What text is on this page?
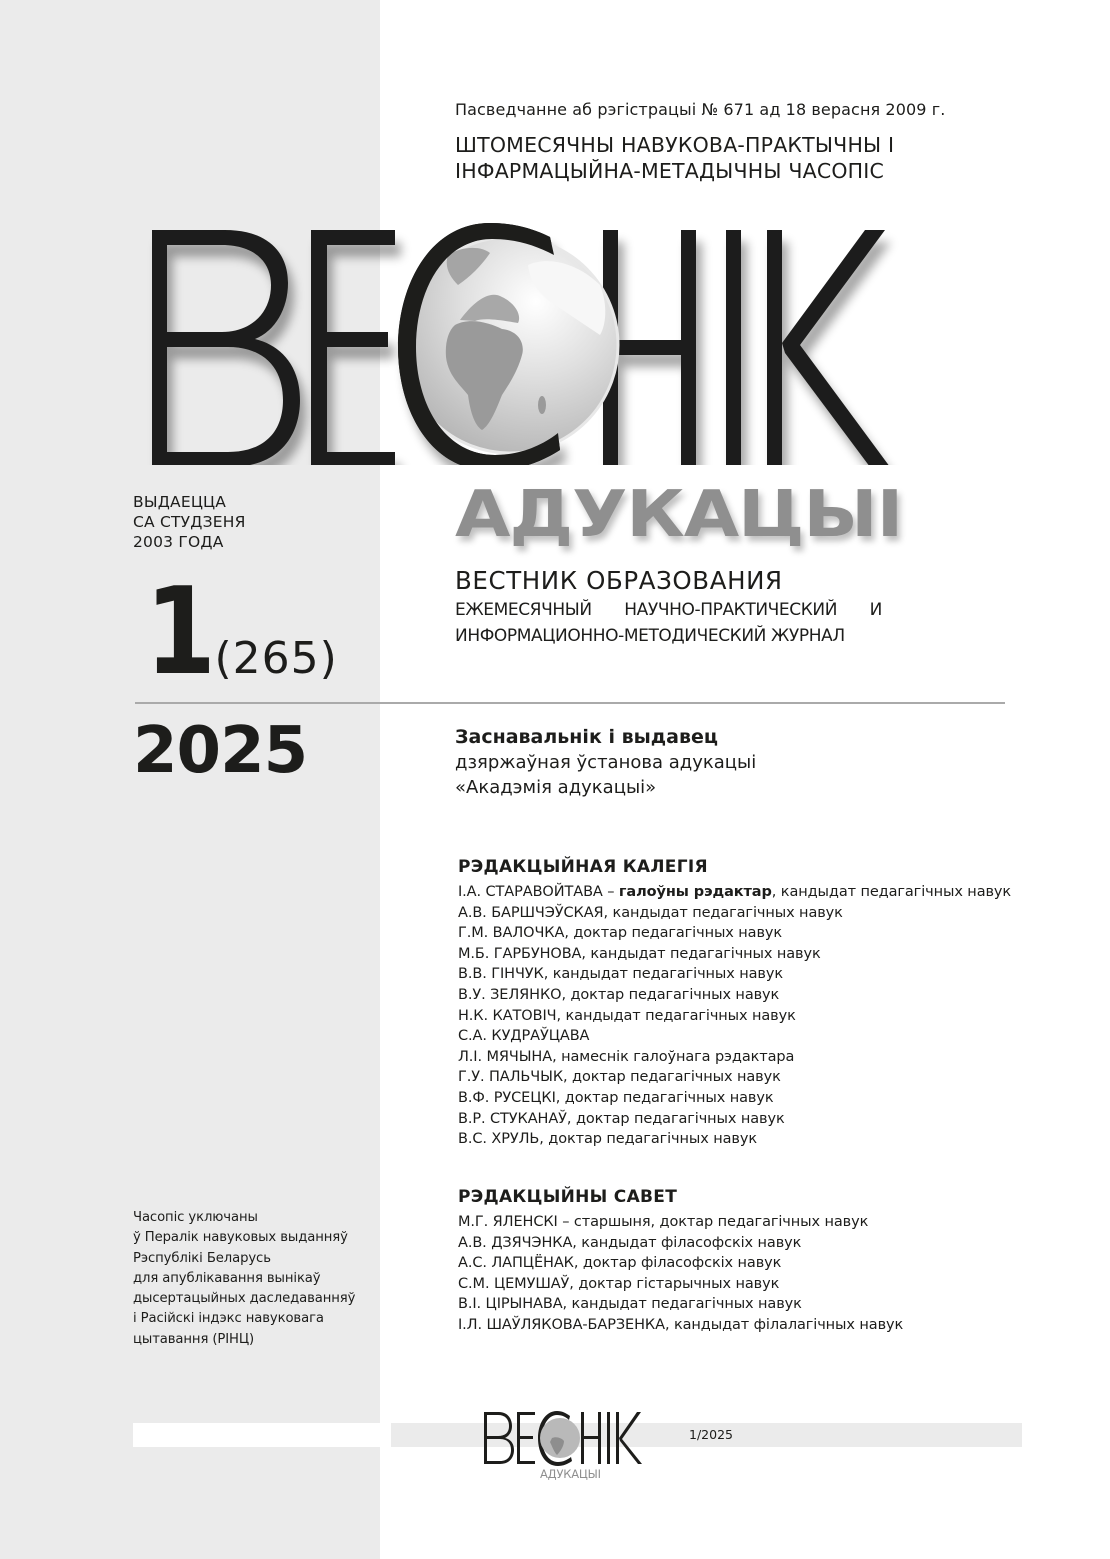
Пасведчанне аб рэгістрацыі № 671 ад 18 верасня 2009 г.
ШТОМЕСЯЧНЫ НАВУКОВА-ПРАКТЫЧНЫ І
ІНФАРМАЦЫЙНА-МЕТАДЫЧНЫ ЧАСОПІС
АДУКАЦЫІ
ВЕСТНИК ОБРАЗОВАНИЯ
ЕЖЕМЕСЯЧНЫЙ НАУЧНО-ПРАКТИЧЕСКИЙ И
ИНФОРМАЦИОННО-МЕТОДИЧЕСКИЙ ЖУРНАЛ
ВЫДАЕЦЦА
СА СТУДЗЕНЯ
2003 ГОДА
1(265)
2025	Заснавальнік і выдавец
дзяржаўная ўстанова адукацыі
«Акадэмія адукацыі»
РЭДАКЦЫЙНАЯ КАЛЕГІЯ
І.А. СТАРАВОЙТАВА – галоўны рэдактар, кандыдат педагагічных навук
А.В. БАРШЧЭЎСКАЯ, кандыдат педагагічных навук
Г.М. ВАЛОЧКА, доктар педагагічных навук
М.Б. ГАРБУНОВА, кандыдат педагагічных навук
В.В. ГІНЧУК, кандыдат педагагічных навук
В.У. ЗЕЛЯНКО, доктар педагагічных навук
Н.К. КАТОВІЧ, кандыдат педагагічных навук
С.А. КУДРАЎЦАВА
Л.І. МЯЧЫНА, намеснік галоўнага рэдактара
Г.У. ПАЛЬЧЫК, доктар педагагічных навук
В.Ф. РУСЕЦКІ, доктар педагагічных навук
В.Р. СТУКАНАЎ, доктар педагагічных навук
В.С. ХРУЛЬ, доктар педагагічных навук
РЭДАКЦЫЙНЫ САВЕТ
М.Г. ЯЛЕНСКІ – старшыня, доктар педагагічных навук
А.В. ДЗЯЧЭНКА, кандыдат філасофскіх навук
А.С. ЛАПЦЁНАК, доктар філасофскіх навук
С.М. ЦЕМУШАЎ, доктар гістарычных навук
В.І. ЦІРЫНАВА, кандыдат педагагічных навук
І.Л. ШАЎЛЯКОВА-БАРЗЕНКА, кандыдат філалагічных навук
Часопіс уключаны
ў Пералік навуковых выданняў
Рэспублікі Беларусь
для апублікавання вынікаў
дысертацыйных даследаванняў
і Расійскі індэкс навуковага
цытавання (РІНЦ)
АДУКАЦЫІ
1/2025
